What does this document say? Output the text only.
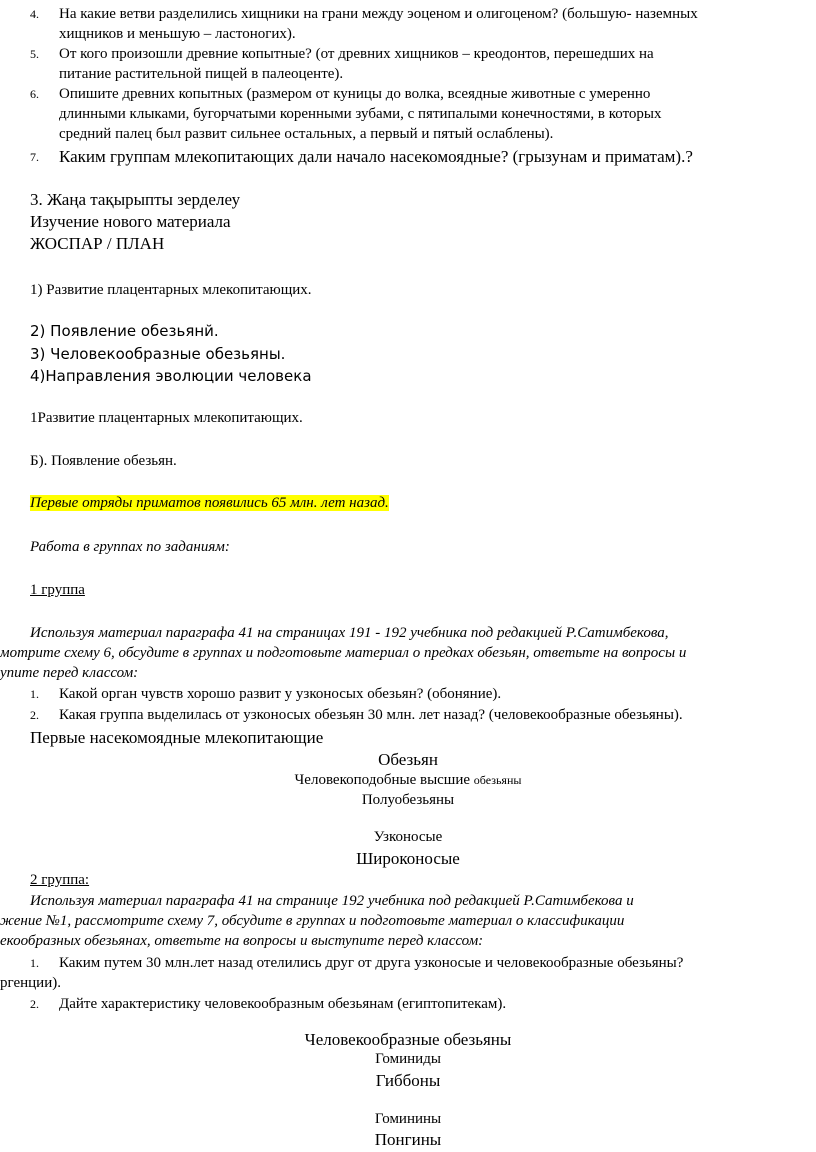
4. На какие ветви разделились хищники на грани между эоценом и олигоценом? (большую- наземных
хищников и меньшую – ластоногих).
5. От кого произошли древние копытные? (от древних хищников – креодонтов, перешедших на
питание растительной пищей в палеоценте).
6. Опишите древних копытных (размером от куницы до волка, всеядные животные с умеренно
длинными клыками, бугорчатыми коренными зубами, с пятипалыми конечностями, в которых
средний палец был развит сильнее остальных, а первый и пятый ослаблены).
7. Каким группам млекопитающих дали начало насекомоядные? (грызунам и приматам).?
3. Жаңа тақырыпты зерделеу
Изучение нового материала
ЖОСПАР / ПЛАН
1) Развитие плацентарных млекопитающих.
2) Появление обезьянй.
3) Человекообразные обезьяны.
4)Направления эволюции человека
1Развитие плацентарных млекопитающих.
Б). Появление обезьян.
Первые отряды приматов появились 65 млн. лет назад.
Работа в группах по заданиям:
1 группа
Используя материал параграфа 41 на страницах 191 - 192 учебника под редакцией Р.Сатимбекова,
мотрите схему 6, обсудите в группах и подготовьте материал о предках обезьян, ответьте на вопросы и
упите перед классом:
1. Какой орган чувств хорошо развит у узконосых обезьян? (обоняние).
2. Какая группа выделилась от узконосых обезьян 30 млн. лет назад? (человекообразные обезьяны).
Первые насекомоядные млекопитающие
Обезьян
Человекоподобные высшие обезьяны
Полуобезьяны
Узконосые
Широконосые
2 группа:
Используя материал параграфа 41 на странице 192 учебника под редакцией Р.Сатимбекова и
жение №1, рассмотрите схему 7, обсудите в группах и подготовьте материал о классификации
екообразных обезьянах, ответьте на вопросы и выступите перед классом:
1. Каким путем 30 млн.лет назад отелились друг от друга узконосые и человекообразные обезьяны?
ргенции).
2. Дайте характеристику человекообразным обезьянам (египтопитекам).
Человекообразные обезьяны
Гоминиды
Гиббоны
Гоминины
Понгины
